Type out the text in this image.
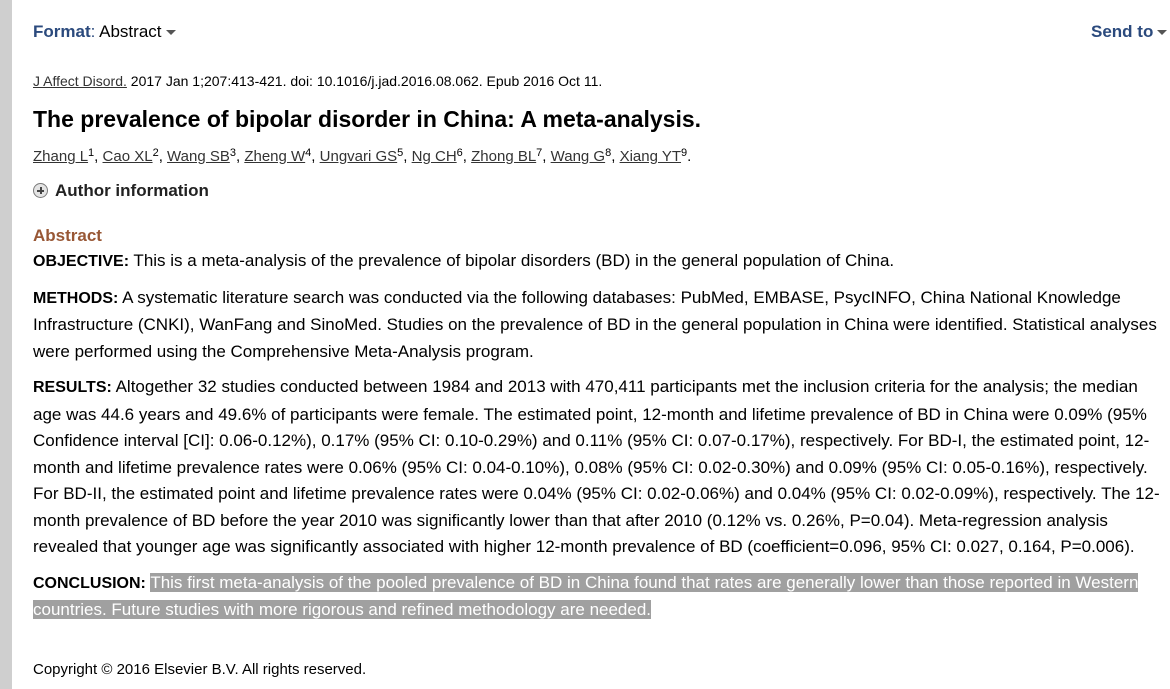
Format: Abstract	Send to
J Affect Disord. 2017 Jan 1;207:413-421. doi: 10.1016/j.jad.2016.08.062. Epub 2016 Oct 11.
The prevalence of bipolar disorder in China: A meta-analysis.
Zhang $L^1$, Cao $XL^2$, Wang $SB^3$, Zheng $W^4$, Ungvari $GS^5$, Ng $CH^6$, Zhong $BL^7$, Wang $G^8$, Xiang $YT^9$.
Author information
Abstract

OBJECTIVE: This is a meta-analysis of the prevalence of bipolar disorders (BD) in the general population of China.

METHODS: A systematic literature search was conducted via the following databases: PubMed, EMBASE, PsycINFO, China National Knowledge Infrastructure (CNKI), WanFang and SinoMed. Studies on the prevalence of BD in the general population in China were identified. Statistical analyses were performed using the Comprehensive Meta-Analysis program.

RESULTS: Altogether 32 studies conducted between 1984 and 2013 with 470,411 participants met the inclusion criteria for the analysis; the median age was 44.6 years and 49.6% of participants were female. The estimated point, 12-month and lifetime prevalence of BD in China were 0.09% (95% Confidence interval [CI]: 0.06-0.12%), 0.17% (95% CI: 0.10-0.29%) and 0.11% (95% CI: 0.07-0.17%), respectively. For BD-I, the estimated point, 12-month and lifetime prevalence rates were 0.06% (95% CI: 0.04-0.10%), 0.08% (95% CI: 0.02-0.30%) and 0.09% (95% CI: 0.05-0.16%), respectively. For BD-II, the estimated point and lifetime prevalence rates were 0.04% (95% CI: 0.02-0.06%) and 0.04% (95% CI: 0.02-0.09%), respectively. The 12-month prevalence of BD before the year 2010 was significantly lower than that after 2010 (0.12% vs. 0.26%, P=0.04). Meta-regression analysis revealed that younger age was significantly associated with higher 12-month prevalence of BD (coefficient=0.096, 95% CI: 0.027, 0.164, P=0.006).

CONCLUSION: This first meta-analysis of the pooled prevalence of BD in China found that rates are generally lower than those reported in Western countries. Future studies with more rigorous and refined methodology are needed.

Copyright © 2016 Elsevier B.V. All rights reserved.
